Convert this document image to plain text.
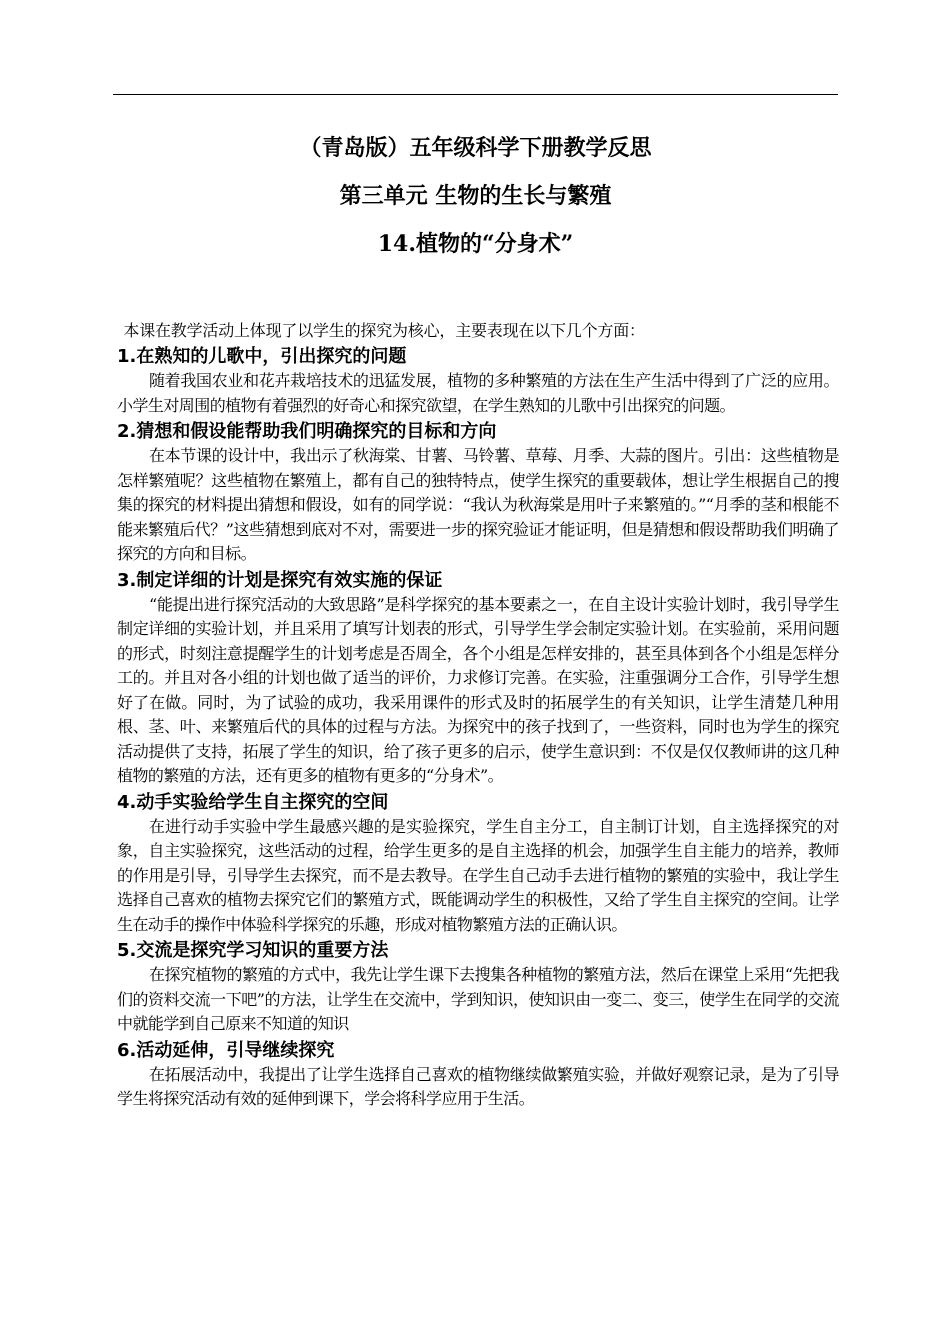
（青岛版）五年级科学下册教学反思
第三单元 生物的生长与繁殖
14.植物的“分身术”

本课在教学活动上体现了以学生的探究为核心，主要表现在以下几个方面：

1.在熟知的儿歌中，引出探究的问题

随着我国农业和花卉栽培技术的迅猛发展，植物的多种繁殖的方法在生产生活中得到了广泛的应用。小学生对周围的植物有着强烈的好奇心和探究欲望，在学生熟知的儿歌中引出探究的问题。

2.猜想和假设能帮助我们明确探究的目标和方向

在本节课的设计中，我出示了秋海棠、甘薯、马铃薯、草莓、月季、大蒜的图片。引出：这些植物是怎样繁殖呢？这些植物在繁殖上，都有自己的独特特点，使学生探究的重要载体，想让学生根据自己的搜集的探究的材料提出猜想和假设，如有的同学说：“我认为秋海棠是用叶子来繁殖的。”“月季的茎和根能不能来繁殖后代？”这些猜想到底对不对，需要进一步的探究验证才能证明，但是猜想和假设帮助我们明确了探究的方向和目标。

3.制定详细的计划是探究有效实施的保证

“能提出进行探究活动的大致思路”是科学探究的基本要素之一，在自主设计实验计划时，我引导学生制定详细的实验计划，并且采用了填写计划表的形式，引导学生学会制定实验计划。在实验前，采用问题的形式，时刻注意提醒学生的计划考虑是否周全，各个小组是怎样安排的，甚至具体到各个小组是怎样分工的。并且对各小组的计划也做了适当的评价，力求修订完善。在实验，注重强调分工合作，引导学生想好了在做。同时，为了试验的成功，我采用课件的形式及时的拓展学生的有关知识，让学生清楚几种用根、茎、叶、来繁殖后代的具体的过程与方法。为探究中的孩子找到了，一些资料，同时也为学生的探究活动提供了支持，拓展了学生的知识，给了孩子更多的启示，使学生意识到：不仅是仅仅教师讲的这几种植物的繁殖的方法，还有更多的植物有更多的“分身术”。

4.动手实验给学生自主探究的空间

在进行动手实验中学生最感兴趣的是实验探究，学生自主分工，自主制订计划，自主选择探究的对象，自主实验探究，这些活动的过程，给学生更多的是自主选择的机会，加强学生自主能力的培养，教师的作用是引导，引导学生去探究，而不是去教导。在学生自己动手去进行植物的繁殖的实验中，我让学生选择自己喜欢的植物去探究它们的繁殖方式，既能调动学生的积极性，又给了学生自主探究的空间。让学生在动手的操作中体验科学探究的乐趣，形成对植物繁殖方法的正确认识。

5.交流是探究学习知识的重要方法

在探究植物的繁殖的方式中，我先让学生课下去搜集各种植物的繁殖方法，然后在课堂上采用“先把我们的资料交流一下吧”的方法，让学生在交流中，学到知识，使知识由一变二、变三，使学生在同学的交流中就能学到自己原来不知道的知识

6.活动延伸，引导继续探究

在拓展活动中，我提出了让学生选择自己喜欢的植物继续做繁殖实验，并做好观察记录，是为了引导学生将探究活动有效的延伸到课下，学会将科学应用于生活。
